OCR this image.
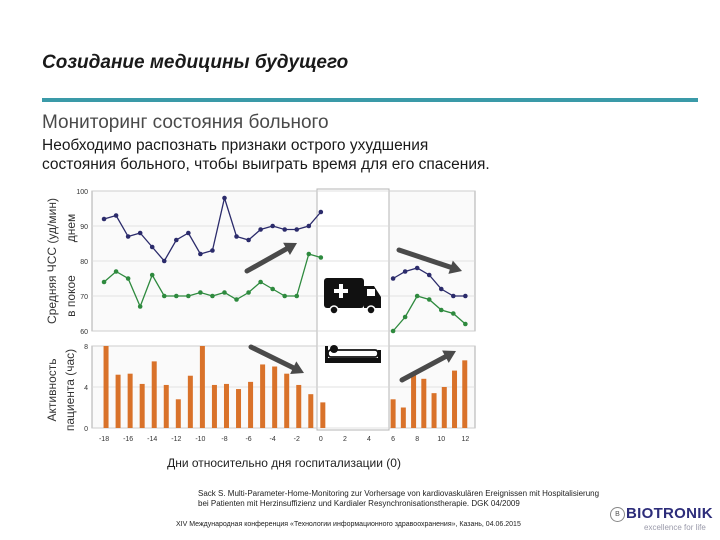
Созидание медицины будущего
Мониторинг состояния больного
Необходимо распознать признаки острого ухудшения
состояния больного, чтобы выиграть время для его спасения.
60
70
80
90
100
0
4
8
-18 -16 -14 -12 -10 -8	-6	-4	-2	0	2	4	6	8	10 12
Дни относительно дня госпитализации (0)
Средняя ЧСС (уд/мин) днем
в покое
Активность пациента (час)
Sack S. Multi-Parameter-Home-Monitoring zur Vorhersage von kardiovaskulären Ereignissen mit Hospitalisierung
bei Patienten mit Herzinsuffizienz und Kardialer Resynchronisationstherapie. DGK 04/2009
XIV Международная конференция «Технологии информационного здравоохранения», Казань, 04.06.2015
B BIOTRONIK
excellence for life
